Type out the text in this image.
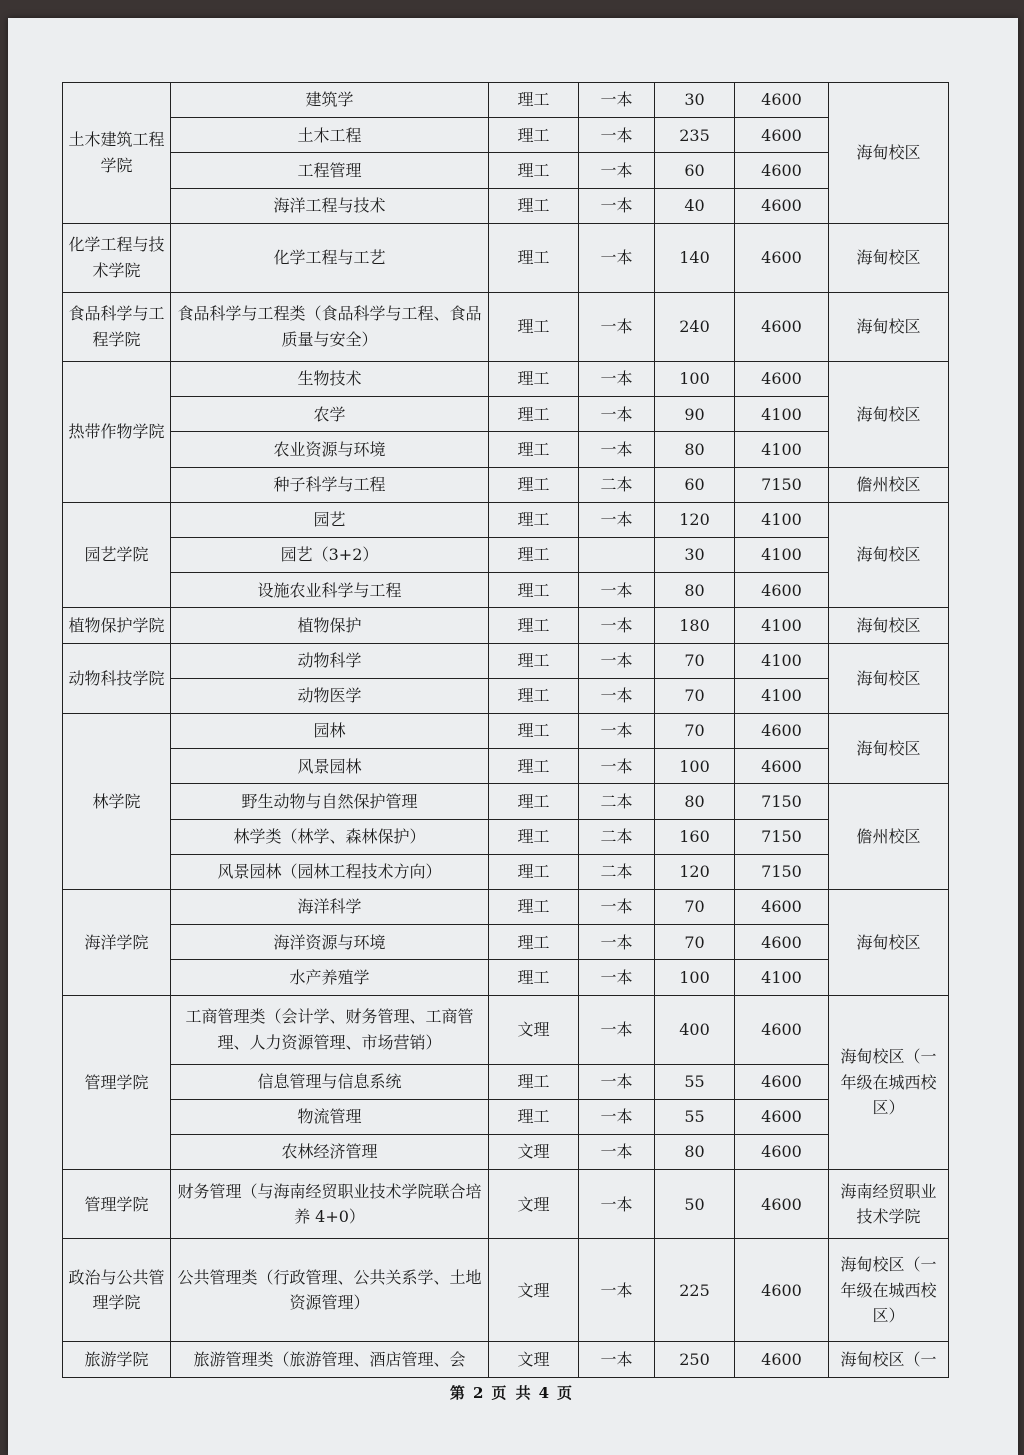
土木建筑工程学院	建筑学	理工	一本	30	4600	海甸校区
	土木工程	理工	一本	235	4600	
	工程管理	理工	一本	60	4600	
	海洋工程与技术	理工	一本	40	4600	
化学工程与技术学院	化学工程与工艺	理工	一本	140	4600	海甸校区
食品科学与工程学院	食品科学与工程类（食品科学与工程、食品质量与安全）	理工	一本	240	4600	海甸校区
热带作物学院	生物技术	理工	一本	100	4600	海甸校区
	农学	理工	一本	90	4100	
	农业资源与环境	理工	一本	80	4100	
	种子科学与工程	理工	二本	60	7150	儋州校区
园艺学院	园艺	理工	一本	120	4100	海甸校区
	园艺（3+2）	理工		30	4100	
	设施农业科学与工程	理工	一本	80	4600	
植物保护学院	植物保护	理工	一本	180	4100	海甸校区
动物科技学院	动物科学	理工	一本	70	4100	海甸校区
	动物医学	理工	一本	70	4100	
林学院	园林	理工	一本	70	4600	海甸校区
	风景园林	理工	一本	100	4600	
	野生动物与自然保护管理	理工	二本	80	7150	儋州校区
	林学类（林学、森林保护）	理工	二本	160	7150	
	风景园林（园林工程技术方向）	理工	二本	120	7150	
海洋学院	海洋科学	理工	一本	70	4600	海甸校区
	海洋资源与环境	理工	一本	70	4600	
	水产养殖学	理工	一本	100	4100	
管理学院	工商管理类（会计学、财务管理、工商管理、人力资源管理、市场营销）	文理	一本	400	4600	海甸校区（一年级在城西校区）
	信息管理与信息系统	理工	一本	55	4600	
	物流管理	理工	一本	55	4600	
	农林经济管理	文理	一本	80	4600	
管理学院	财务管理（与海南经贸职业技术学院联合培养 4+0）	文理	一本	50	4600	海南经贸职业技术学院
政治与公共管理学院	公共管理类（行政管理、公共关系学、土地资源管理）	文理	一本	225	4600	海甸校区（一年级在城西校区）
旅游学院	旅游管理类（旅游管理、酒店管理、会	文理	一本	250	4600	海甸校区（一
第 2 页 共 4 页
